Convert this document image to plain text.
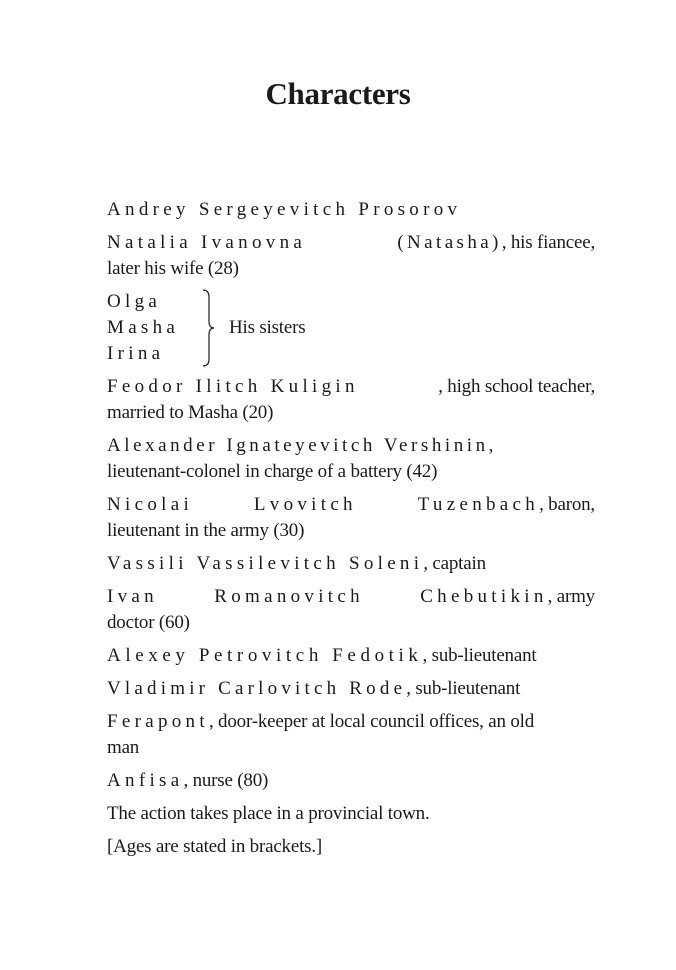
Characters
Andrey Sergeyevitch Prosorov
Natalia Ivanovna	(Natasha), his fiancee,
later his wife (28)
Olga
Masha
Irina
His sisters
Feodor Ilitch Kuligin	, high school teacher,
married to Masha (20)
Alexander Ignateyevitch Vershinin,
lieutenant-colonel in charge of a battery (42)
Nicolai	Lvovitch	Tuzenbach, baron,
lieutenant in the army (30)
Vassili Vassilevitch Soleni, captain
Ivan	Romanovitch	Chebutikin, army
doctor (60)
Alexey Petrovitch Fedotik, sub-lieutenant
Vladimir Carlovitch Rode, sub-lieutenant
Ferapont, door-keeper at local council offices, an old
man
Anfisa, nurse (80)
The action takes place in a provincial town.
[Ages are stated in brackets.]
